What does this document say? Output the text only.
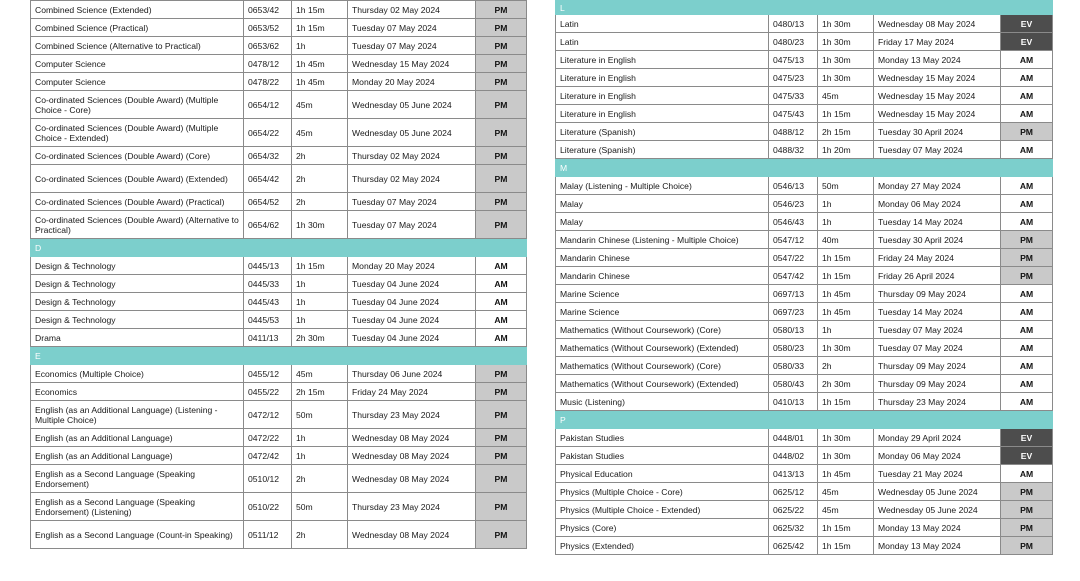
Combined Science (Extended)	0653/42	1h 15m	Thursday 02 May 2024	PM
Combined Science (Practical)	0653/52	1h 15m	Tuesday 07 May 2024	PM
Combined Science (Alternative to Practical)	0653/62	1h	Tuesday 07 May 2024	PM
Computer Science	0478/12	1h 45m	Wednesday 15 May 2024	PM
Computer Science	0478/22	1h 45m	Monday 20 May 2024	PM
Co-ordinated Sciences (Double Award) (Multiple Choice - Core)	0654/12	45m	Wednesday 05 June 2024	PM
Co-ordinated Sciences (Double Award) (Multiple Choice - Extended)	0654/22	45m	Wednesday 05 June 2024	PM
Co-ordinated Sciences (Double Award) (Core)	0654/32	2h	Thursday 02 May 2024	PM
Co-ordinated Sciences (Double Award) (Extended)	0654/42	2h	Thursday 02 May 2024	PM
Co-ordinated Sciences (Double Award) (Practical)	0654/52	2h	Tuesday 07 May 2024	PM
Co-ordinated Sciences (Double Award) (Alternative to Practical)	0654/62	1h 30m	Tuesday 07 May 2024	PM
D				
Design & Technology	0445/13	1h 15m	Monday 20 May 2024	AM
Design & Technology	0445/33	1h	Tuesday 04 June 2024	AM
Design & Technology	0445/43	1h	Tuesday 04 June 2024	AM
Design & Technology	0445/53	1h	Tuesday 04 June 2024	AM
Drama	0411/13	2h 30m	Tuesday 04 June 2024	AM
E				
Economics (Multiple Choice)	0455/12	45m	Thursday 06 June 2024	PM
Economics	0455/22	2h 15m	Friday 24 May 2024	PM
English (as an Additional Language) (Listening - Multiple Choice)	0472/12	50m	Thursday 23 May 2024	PM
English (as an Additional Language)	0472/22	1h	Wednesday 08 May 2024	PM
English (as an Additional Language)	0472/42	1h	Wednesday 08 May 2024	PM
English as a Second Language (Speaking Endorsement)	0510/12	2h	Wednesday 08 May 2024	PM
English as a Second Language (Speaking Endorsement) (Listening)	0510/22	50m	Thursday 23 May 2024	PM
English as a Second Language (Count-in Speaking)	0511/12	2h	Wednesday 08 May 2024	PM
L				
Latin	0480/13	1h 30m	Wednesday 08 May 2024	EV
Latin	0480/23	1h 30m	Friday 17 May 2024	EV
Literature in English	0475/13	1h 30m	Monday 13 May 2024	AM
Literature in English	0475/23	1h 30m	Wednesday 15 May 2024	AM
Literature in English	0475/33	45m	Wednesday 15 May 2024	AM
Literature in English	0475/43	1h 15m	Wednesday 15 May 2024	AM
Literature (Spanish)	0488/12	2h 15m	Tuesday 30 April 2024	PM
Literature (Spanish)	0488/32	1h 20m	Tuesday 07 May 2024	AM
M				
Malay (Listening - Multiple Choice)	0546/13	50m	Monday 27 May 2024	AM
Malay	0546/23	1h	Monday 06 May 2024	AM
Malay	0546/43	1h	Tuesday 14 May 2024	AM
Mandarin Chinese (Listening - Multiple Choice)	0547/12	40m	Tuesday 30 April 2024	PM
Mandarin Chinese	0547/22	1h 15m	Friday 24 May 2024	PM
Mandarin Chinese	0547/42	1h 15m	Friday 26 April 2024	PM
Marine Science	0697/13	1h 45m	Thursday 09 May 2024	AM
Marine Science	0697/23	1h 45m	Tuesday 14 May 2024	AM
Mathematics (Without Coursework) (Core)	0580/13	1h	Tuesday 07 May 2024	AM
Mathematics (Without Coursework) (Extended)	0580/23	1h 30m	Tuesday 07 May 2024	AM
Mathematics (Without Coursework) (Core)	0580/33	2h	Thursday 09 May 2024	AM
Mathematics (Without Coursework) (Extended)	0580/43	2h 30m	Thursday 09 May 2024	AM
Music (Listening)	0410/13	1h 15m	Thursday 23 May 2024	AM
P				
Pakistan Studies	0448/01	1h 30m	Monday 29 April 2024	EV
Pakistan Studies	0448/02	1h 30m	Monday 06 May 2024	EV
Physical Education	0413/13	1h 45m	Tuesday 21 May 2024	AM
Physics (Multiple Choice - Core)	0625/12	45m	Wednesday 05 June 2024	PM
Physics (Multiple Choice - Extended)	0625/22	45m	Wednesday 05 June 2024	PM
Physics (Core)	0625/32	1h 15m	Monday 13 May 2024	PM
Physics (Extended)	0625/42	1h 15m	Monday 13 May 2024	PM
